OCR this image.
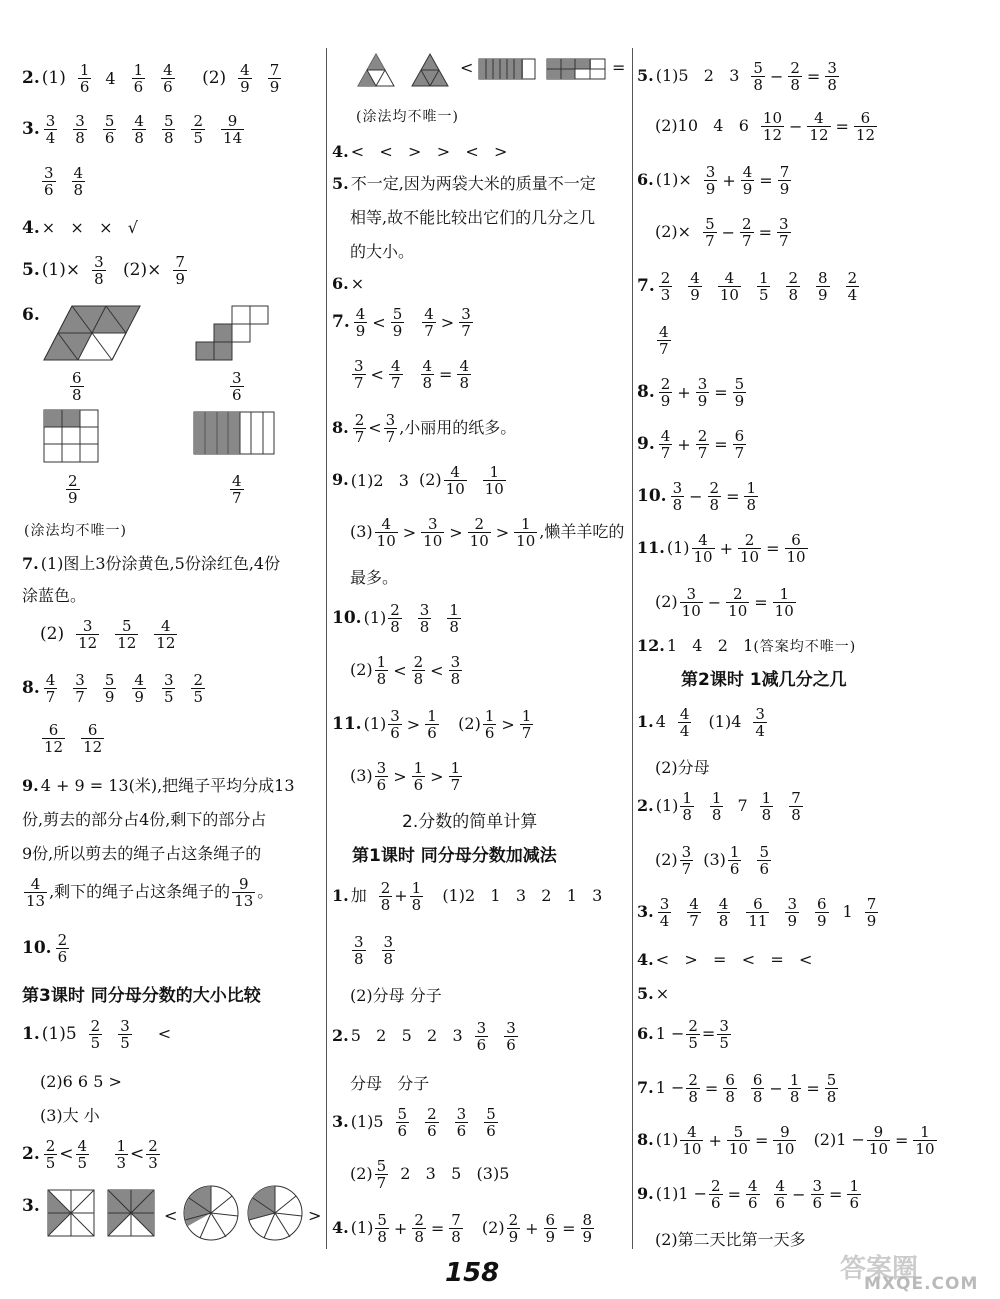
2. $(1) \frac{1}{6} 4 \frac{1}{6} \frac{4}{6} (2) \frac{4}{9} \frac{7}{9}$
3. $\frac{3}{4} \frac{3}{8} \frac{5}{6} \frac{4}{8} \frac{5}{8} \frac{2}{5} \frac{9}{14}$
$\frac{3}{6} \frac{4}{8}$
4. ×   ×   ×   √
5. $(1)\times \frac{3}{8} (2)\times \frac{7}{9}$
6.
$\frac{6}{8}$	$\frac{3}{6}$
$\frac{2}{9}$	$\frac{4}{7}$
(涂法均不唯一)
7. (1)图上3份涂黄色,5份涂红色,4份
涂蓝色。
$(2) \frac{3}{12} \frac{5}{12} \frac{4}{12}$
8. $\frac{4}{7} \frac{3}{7} \frac{5}{9} \frac{4}{9} \frac{3}{5} \frac{2}{5}$
$\frac{6}{12} \frac{6}{12}$
9. 4 + 9 = 13(米),把绳子平均分成13
份,剪去的部分占4份,剩下的部分占
9份,所以剪去的绳子占这条绳子的
$\frac{4}{13}$ ,剩下的绳子占这条绳子的 $\frac{9}{13}$ 。
10. $\frac{2}{6}$
第3课时 同分母分数的大小比较
1. $(1)5 \frac{2}{5} \frac{3}{5}$ <
(2)6 6 5 >
(3)大 小
2. $\frac{2}{5} < \frac{4}{5}$
$\frac{1}{3} < \frac{2}{3}$
3.	<	>
<	=
(涂法均不唯一)
4. <   <   >   >   <   >
5. 不一定,因为两袋大米的质量不一定
相等,故不能比较出它们的几分之几
的大小。
6. ×
7. $\frac{4}{9} < \frac{5}{9} \frac{4}{7} > \frac{3}{7}$
$\frac{3}{7} < \frac{4}{7} \frac{4}{8} = \frac{4}{8}$
8. $\frac{2}{7} < \frac{3}{7}$ ,小丽用的纸多。
9. (1)2   3 $(2) \frac{4}{10} \frac{1}{10}$
$(3) \frac{4}{10} > \frac{3}{10} > \frac{2}{10} > \frac{1}{10}$ ,懒羊羊吃的
最多。
10. $(1) \frac{2}{8} \frac{3}{8} \frac{1}{8}$
$(2) \frac{1}{8} < \frac{2}{8} < \frac{3}{8}$
11. $(1) \frac{3}{6} > \frac{1}{6} (2) \frac{1}{6} > \frac{1}{7}$
$(3) \frac{3}{6} > \frac{1}{6} > \frac{1}{7}$
2.分数的简单计算
第1课时 同分母分数加减法
1. 加 $\frac{2}{8} + \frac{1}{8} (1)2$   1   3   2   1   3
$\frac{3}{8} \frac{3}{8}$
(2)分母 分子
2. 5   2   5   2   $3 \frac{3}{6} \frac{3}{6}$
分母   分子
3. $(1)5 \frac{5}{6} \frac{2}{6} \frac{3}{6} \frac{5}{6}$
$(2) \frac{5}{7} 2$   3   5   (3)5
4. $(1) \frac{5}{8} + \frac{2}{8} = \frac{7}{8} (2) \frac{2}{9} + \frac{6}{9} = \frac{8}{9}$
5. (1)5   2   $3 \frac{5}{8} - \frac{2}{8} = \frac{3}{8}$
(2)10   4   $6 \frac{10}{12} - \frac{4}{12} = \frac{6}{12}$
6. $(1)\times \frac{3}{9} + \frac{4}{9} = \frac{7}{9}$
$(2)\times \frac{5}{7} - \frac{2}{7} = \frac{3}{7}$
7. $\frac{2}{3} \frac{4}{9} \frac{4}{10} \frac{1}{5} \frac{2}{8} \frac{8}{9} \frac{2}{4}$
$\frac{4}{7}$
8. $\frac{2}{9} + \frac{3}{9} = \frac{5}{9}$
9. $\frac{4}{7} + \frac{2}{7} = \frac{6}{7}$
10. $\frac{3}{8} - \frac{2}{8} = \frac{1}{8}$
11. $(1) \frac{4}{10} + \frac{2}{10} = \frac{6}{10}$
$(2) \frac{3}{10} - \frac{2}{10} = \frac{1}{10}$
12. 1   4   2   1(答案均不唯一)
第2课时 1减几分之几
1. $4 \frac{4}{4} (1)4 \frac{3}{4}$
(2)分母
2. $(1) \frac{1}{8} \frac{1}{8} 7 \frac{1}{8} \frac{7}{8}$
$(2) \frac{3}{7} (3) \frac{1}{6} \frac{5}{6}$
3. $\frac{3}{4} \frac{4}{7} \frac{4}{8} \frac{6}{11} \frac{3}{9} \frac{6}{9} 1 \frac{7}{9}$
4. <   >   =   <   =   <
5. ×
6. $1 - \frac{2}{5} = \frac{3}{5}$
7. $1 - \frac{2}{8} = \frac{6}{8} \frac{6}{8} - \frac{1}{8} = \frac{5}{8}$
8. $(1) \frac{4}{10} + \frac{5}{10} = \frac{9}{10} (2)1 - \frac{9}{10} = \frac{1}{10}$
9. $(1)1 - \frac{2}{6} = \frac{4}{6} \frac{4}{6} - \frac{3}{6} = \frac{1}{6}$
(2)第二天比第一天多
158	答案圈
MXQE.COM
